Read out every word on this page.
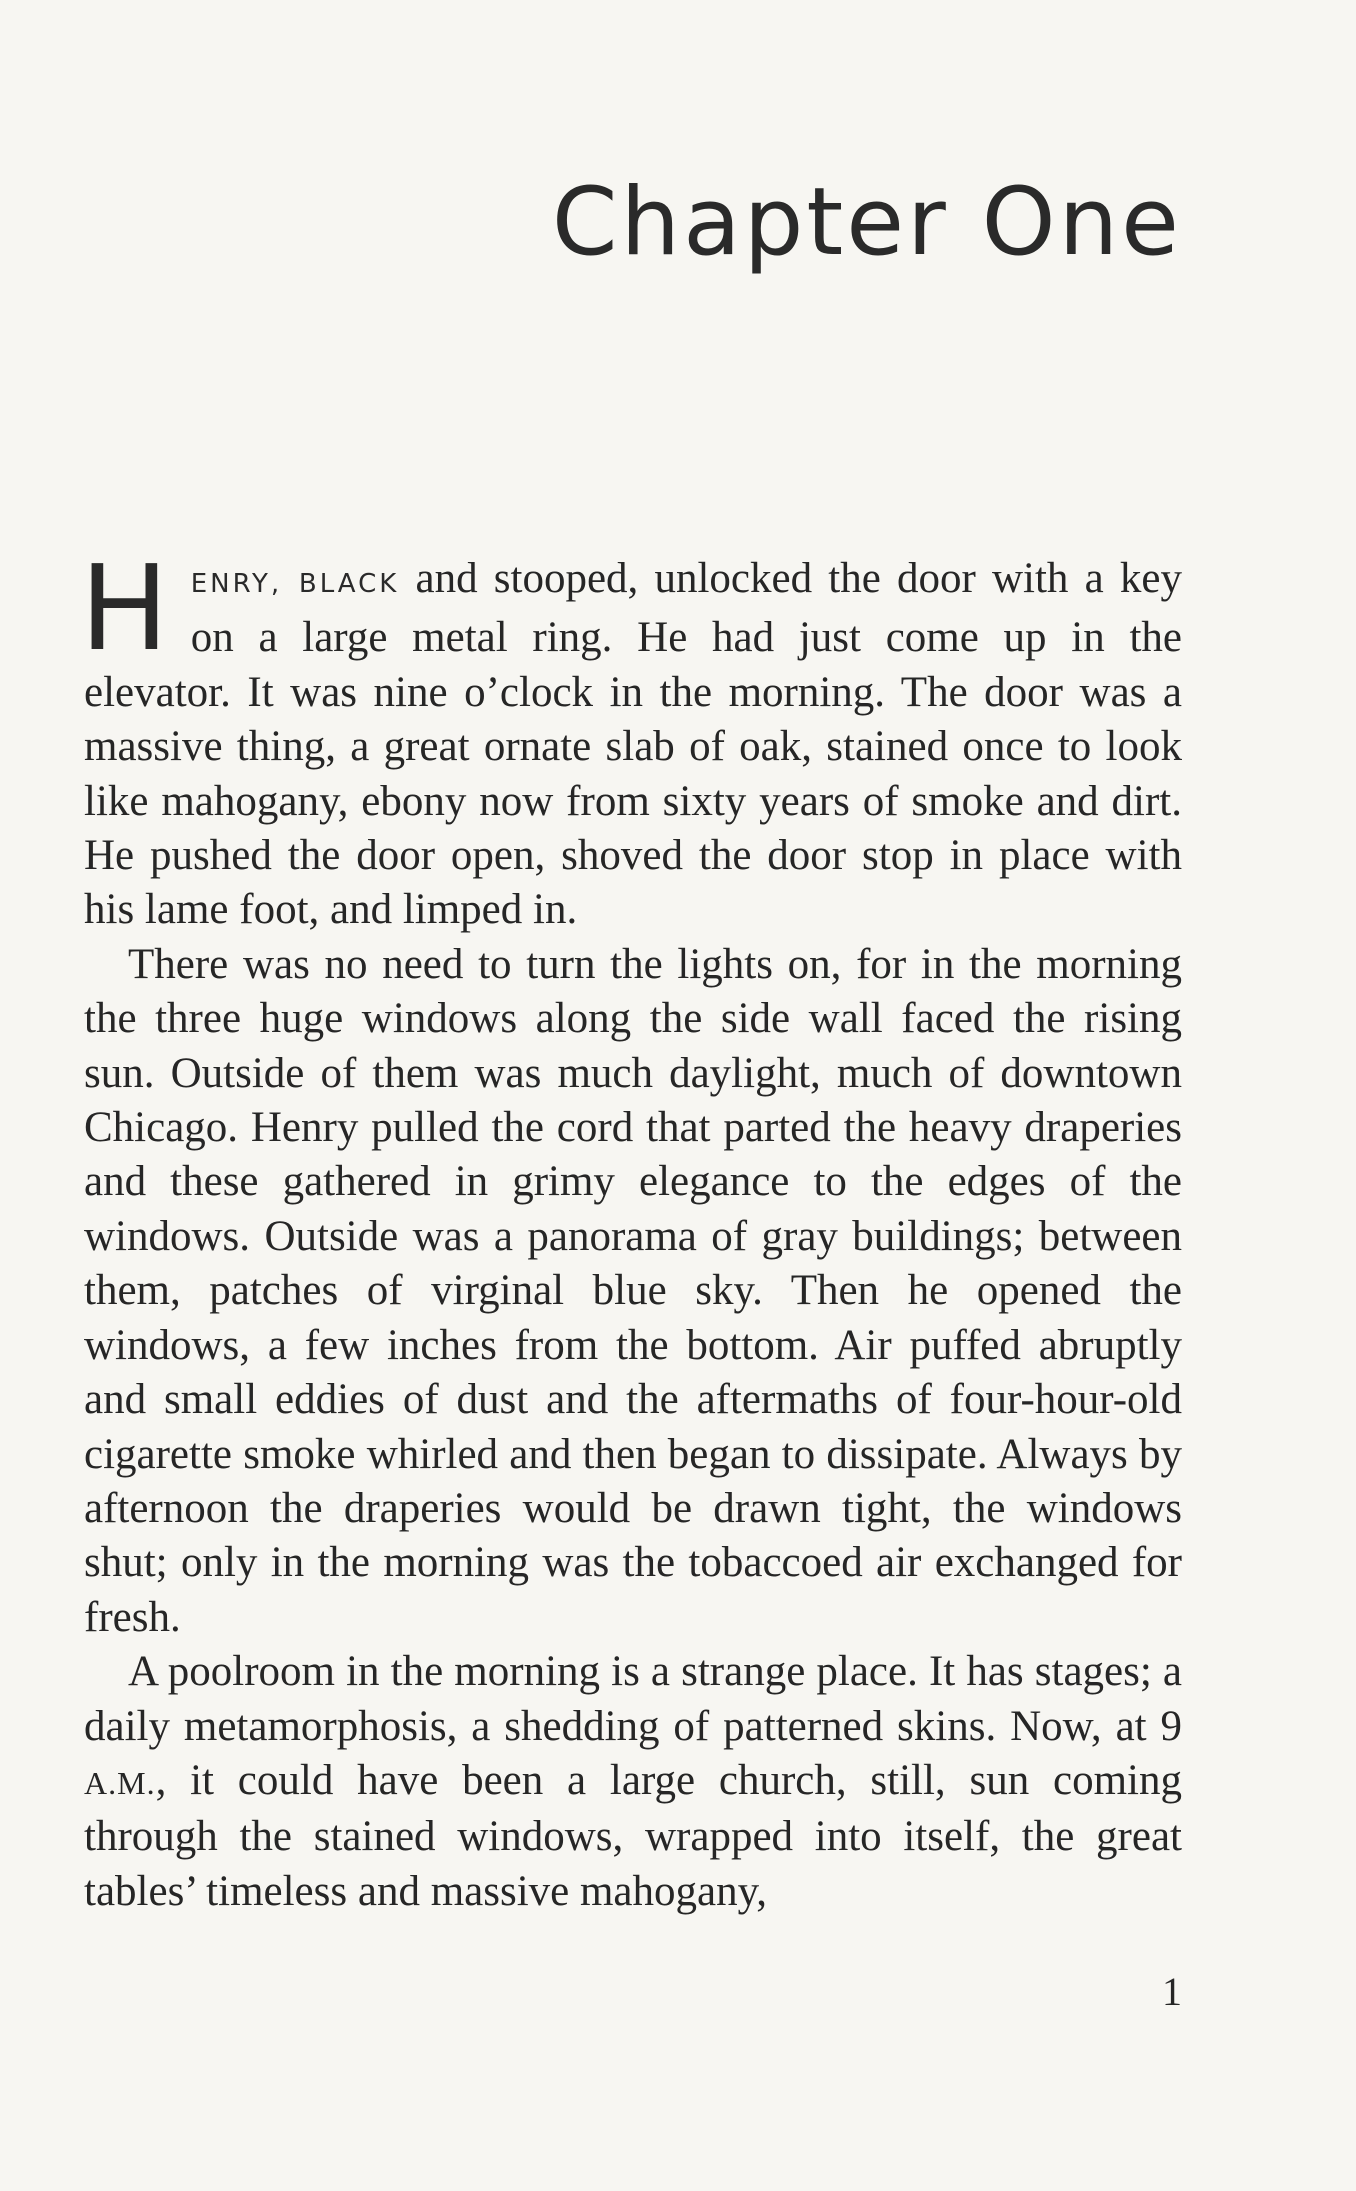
Chapter One

HENRY, BLACK and stooped, unlocked the door with a key on a large metal ring. He had just come up in the elevator. It was nine o’clock in the morning. The door was a massive thing, a great ornate slab of oak, stained once to look like mahogany, ebony now from sixty years of smoke and dirt. He pushed the door open, shoved the door stop in place with his lame foot, and limped in.

There was no need to turn the lights on, for in the morning the three huge windows along the side wall faced the rising sun. Outside of them was much daylight, much of downtown Chicago. Henry pulled the cord that parted the heavy draperies and these gathered in grimy elegance to the edges of the windows. Outside was a panorama of gray buildings; between them, patches of virginal blue sky. Then he opened the windows, a few inches from the bottom. Air puffed abruptly and small eddies of dust and the aftermaths of four-hour-old cigarette smoke whirled and then began to dissipate. Always by afternoon the draperies would be drawn tight, the windows shut; only in the morning was the tobaccoed air exchanged for fresh.

A poolroom in the morning is a strange place. It has stages; a daily metamorphosis, a shedding of patterned skins. Now, at 9 A.M., it could have been a large church, still, sun coming through the stained windows, wrapped into itself, the great tables’ timeless and massive mahogany,

1
